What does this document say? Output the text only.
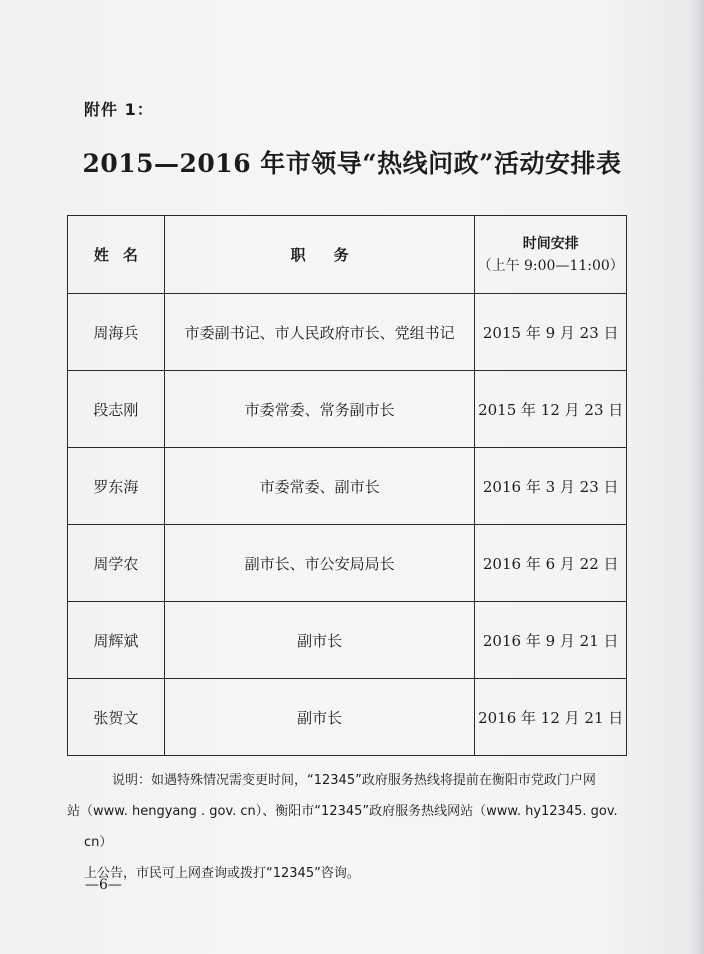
附件 1：
2015—2016 年市领导“热线问政”活动安排表
姓名	职务	时间安排
（上午 9:00—11:00）

周海兵	市委副书记、市人民政府市长、党组书记	2015 年 9 月 23 日
段志刚	市委常委、常务副市长	2015 年 12 月 23 日
罗东海	市委常委、副市长	2016 年 3 月 23 日
周学农	副市长、市公安局局长	2016 年 6 月 22 日
周辉斌	副市长	2016 年 9 月 21 日
张贺文	副市长	2016 年 12 月 21 日

说明：如遇特殊情况需变更时间，“12345”政府服务热线将提前在衡阳市党政门户网

站（www. hengyang . gov. cn）、衡阳市“12345”政府服务热线网站（www. hy12345. gov. cn）

上公告，市民可上网查询或拨打“12345”咨询。

—6—
